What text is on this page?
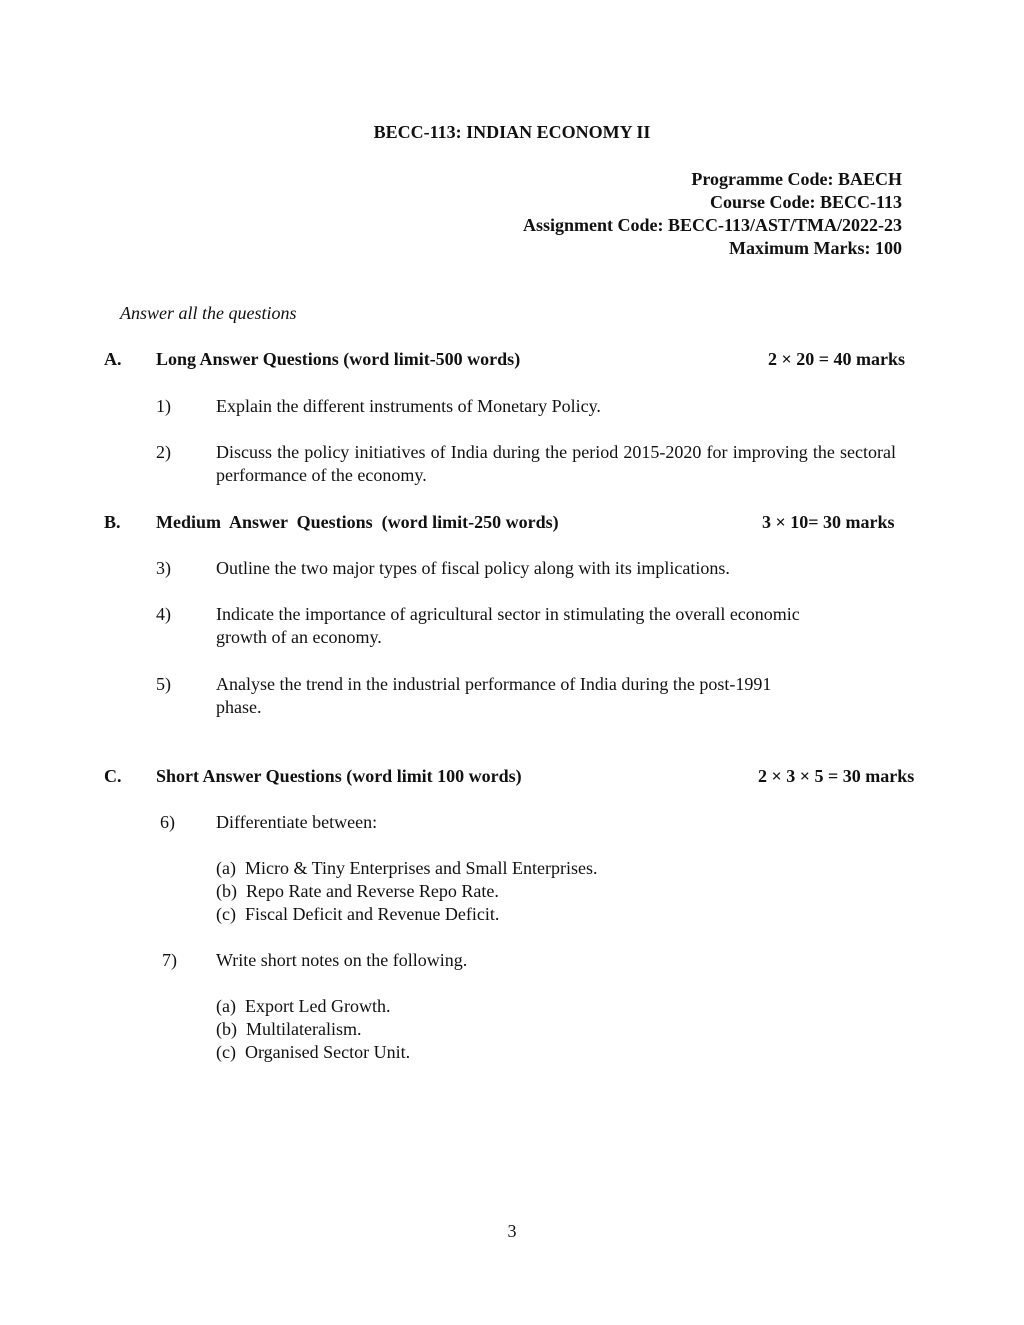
BECC-113: INDIAN ECONOMY II
Programme Code: BAECH
Course Code: BECC-113
Assignment Code: BECC-113/AST/TMA/2022-23
Maximum Marks: 100
Answer all the questions
A. Long Answer Questions (word limit-500 words)	2 × 20 = 40 marks
1)	Explain the different instruments of Monetary Policy.
2)	Discuss the policy initiatives of India during the period 2015-2020 for improving the sectoral performance of the economy.
B. Medium  Answer  Questions  (word limit-250 words)	3 × 10= 30 marks
3)	Outline the two major types of fiscal policy along with its implications.
4)	Indicate the importance of agricultural sector in stimulating the overall economic
growth of an economy.
5)	Analyse the trend in the industrial performance of India during the post-1991
phase.
C. Short Answer Questions (word limit 100 words)	2 × 3 × 5 = 30 marks
6) Differentiate between:
(a)  Micro & Tiny Enterprises and Small Enterprises.
(b)  Repo Rate and Reverse Repo Rate.
(c)  Fiscal Deficit and Revenue Deficit.
7) Write short notes on the following.
(a)  Export Led Growth.
(b)  Multilateralism.
(c)  Organised Sector Unit.
3
